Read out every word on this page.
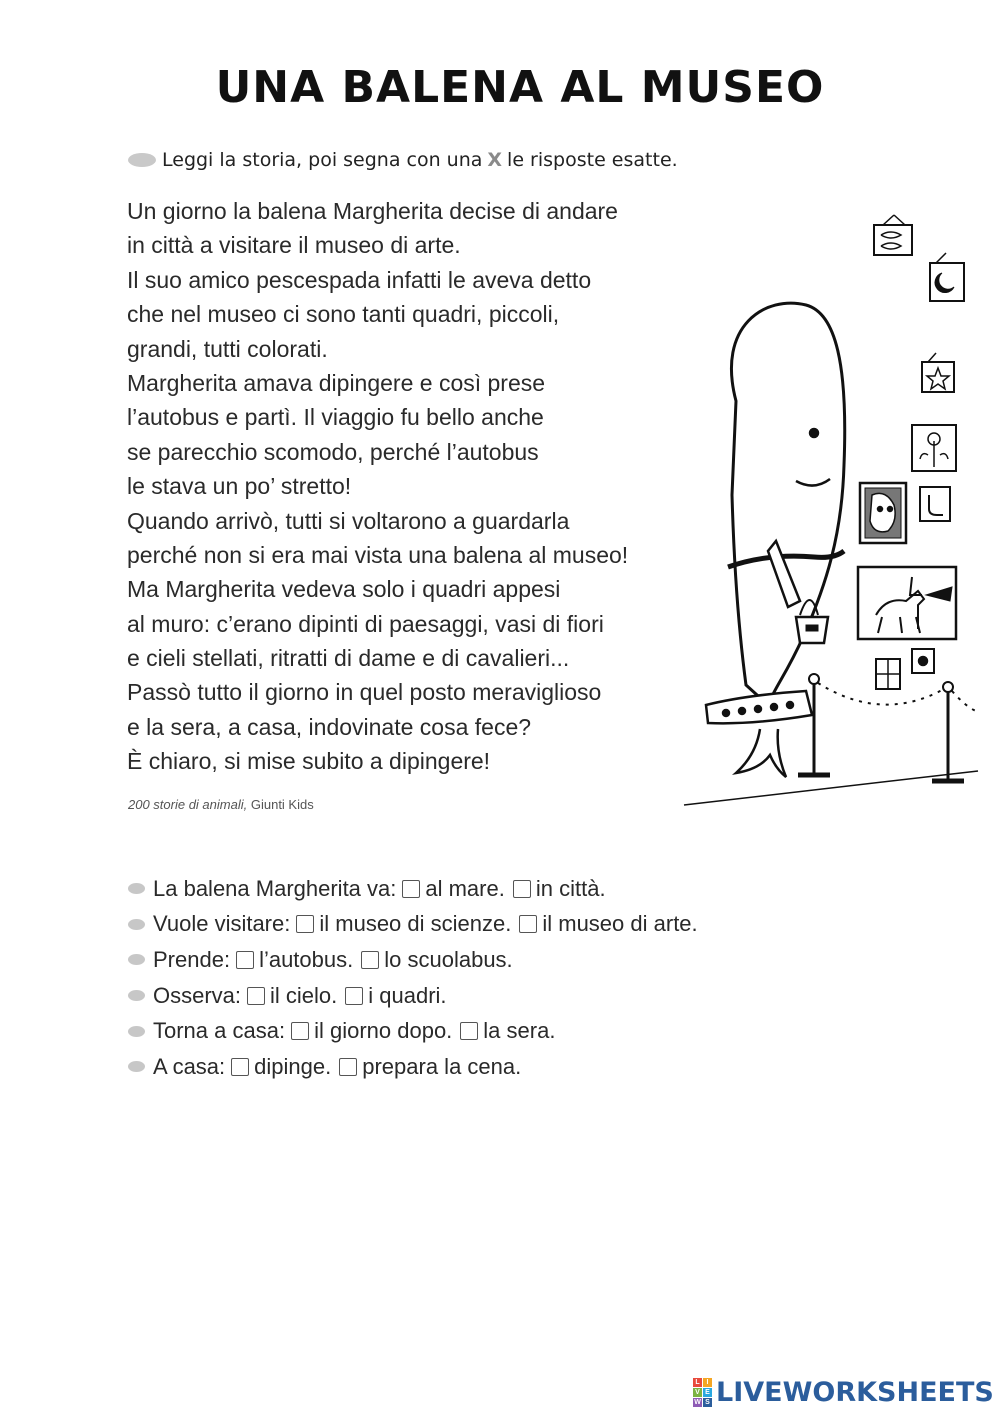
UNA BALENA AL MUSEO
Leggi la storia, poi segna con una X le risposte esatte.
Un giorno la balena Margherita decise di andare
in città a visitare il museo di arte.
Il suo amico pescespada infatti le aveva detto
che nel museo ci sono tanti quadri, piccoli,
grandi, tutti colorati.
Margherita amava dipingere e così prese
l’autobus e partì. Il viaggio fu bello anche
se parecchio scomodo, perché l’autobus
le stava un po’ stretto!
Quando arrivò, tutti si voltarono a guardarla
perché non si era mai vista una balena al museo!
Ma Margherita vedeva solo i quadri appesi
al muro: c’erano dipinti di paesaggi, vasi di fiori
e cieli stellati, ritratti di dame e di cavalieri...
Passò tutto il giorno in quel posto meraviglioso
e la sera, a casa, indovinate cosa fece?
È chiaro, si mise subito a dipingere!
200 storie di animali, Giunti Kids
La balena Margherita va: al mare. in città.
Vuole visitare: il museo di scienze. il museo di arte.
Prende: l’autobus. lo scuolabus.
Osserva: il cielo. i quadri.
Torna a casa: il giorno dopo. la sera.
A casa: dipinge. prepara la cena.
L I
V E
W S LIVEWORKSHEETS
